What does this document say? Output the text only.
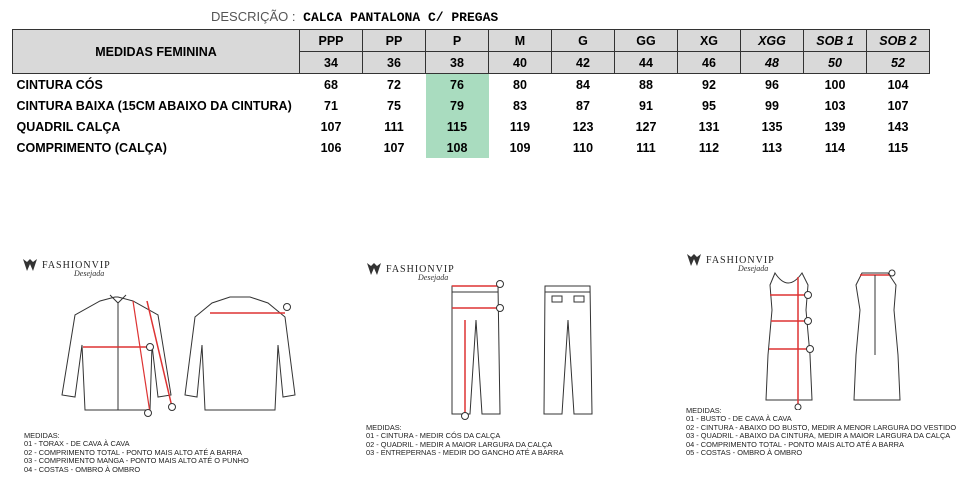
DESCRIÇÃO : CALCA PANTALONA C/ PREGAS
MEDIDAS FEMININA	PPP	PP	P	M	G	GG	XG	XGG	SOB 1	SOB 2
	34	36	38	40	42	44	46	48	50	52
CINTURA CÓS	68	72	76	80	84	88	92	96	100	104
CINTURA BAIXA (15CM ABAIXO DA CINTURA)	71	75	79	83	87	91	95	99	103	107
QUADRIL CALÇA	107	111	115	119	123	127	131	135	139	143
COMPRIMENTO (CALÇA)	106	107	108	109	110	111	112	113	114	115
FASHIONVIP
Desejada
MEDIDAS:
01 - TORAX - DE CAVA À CAVA
02 - COMPRIMENTO TOTAL - PONTO MAIS ALTO ATÉ A BARRA
03 - COMPRIMENTO MANGA - PONTO MAIS ALTO ATÉ O PUNHO
04 - COSTAS - OMBRO À OMBRO
FASHIONVIP
Desejada
MEDIDAS:
01 - CINTURA - MEDIR CÓS DA CALÇA
02 - QUADRIL - MEDIR A MAIOR LARGURA DA CALÇA
03 - ENTREPERNAS - MEDIR DO GANCHO ATÉ A BARRA
FASHIONVIP
Desejada
MEDIDAS:
01 - BUSTO - DE CAVA À CAVA
02 - CINTURA - ABAIXO DO BUSTO, MEDIR A MENOR LARGURA DO VESTIDO
03 - QUADRIL - ABAIXO DA CINTURA, MEDIR A MAIOR LARGURA DA CALÇA
04 - COMPRIMENTO TOTAL - PONTO MAIS ALTO ATÉ A BARRA
05 - COSTAS - OMBRO À OMBRO
